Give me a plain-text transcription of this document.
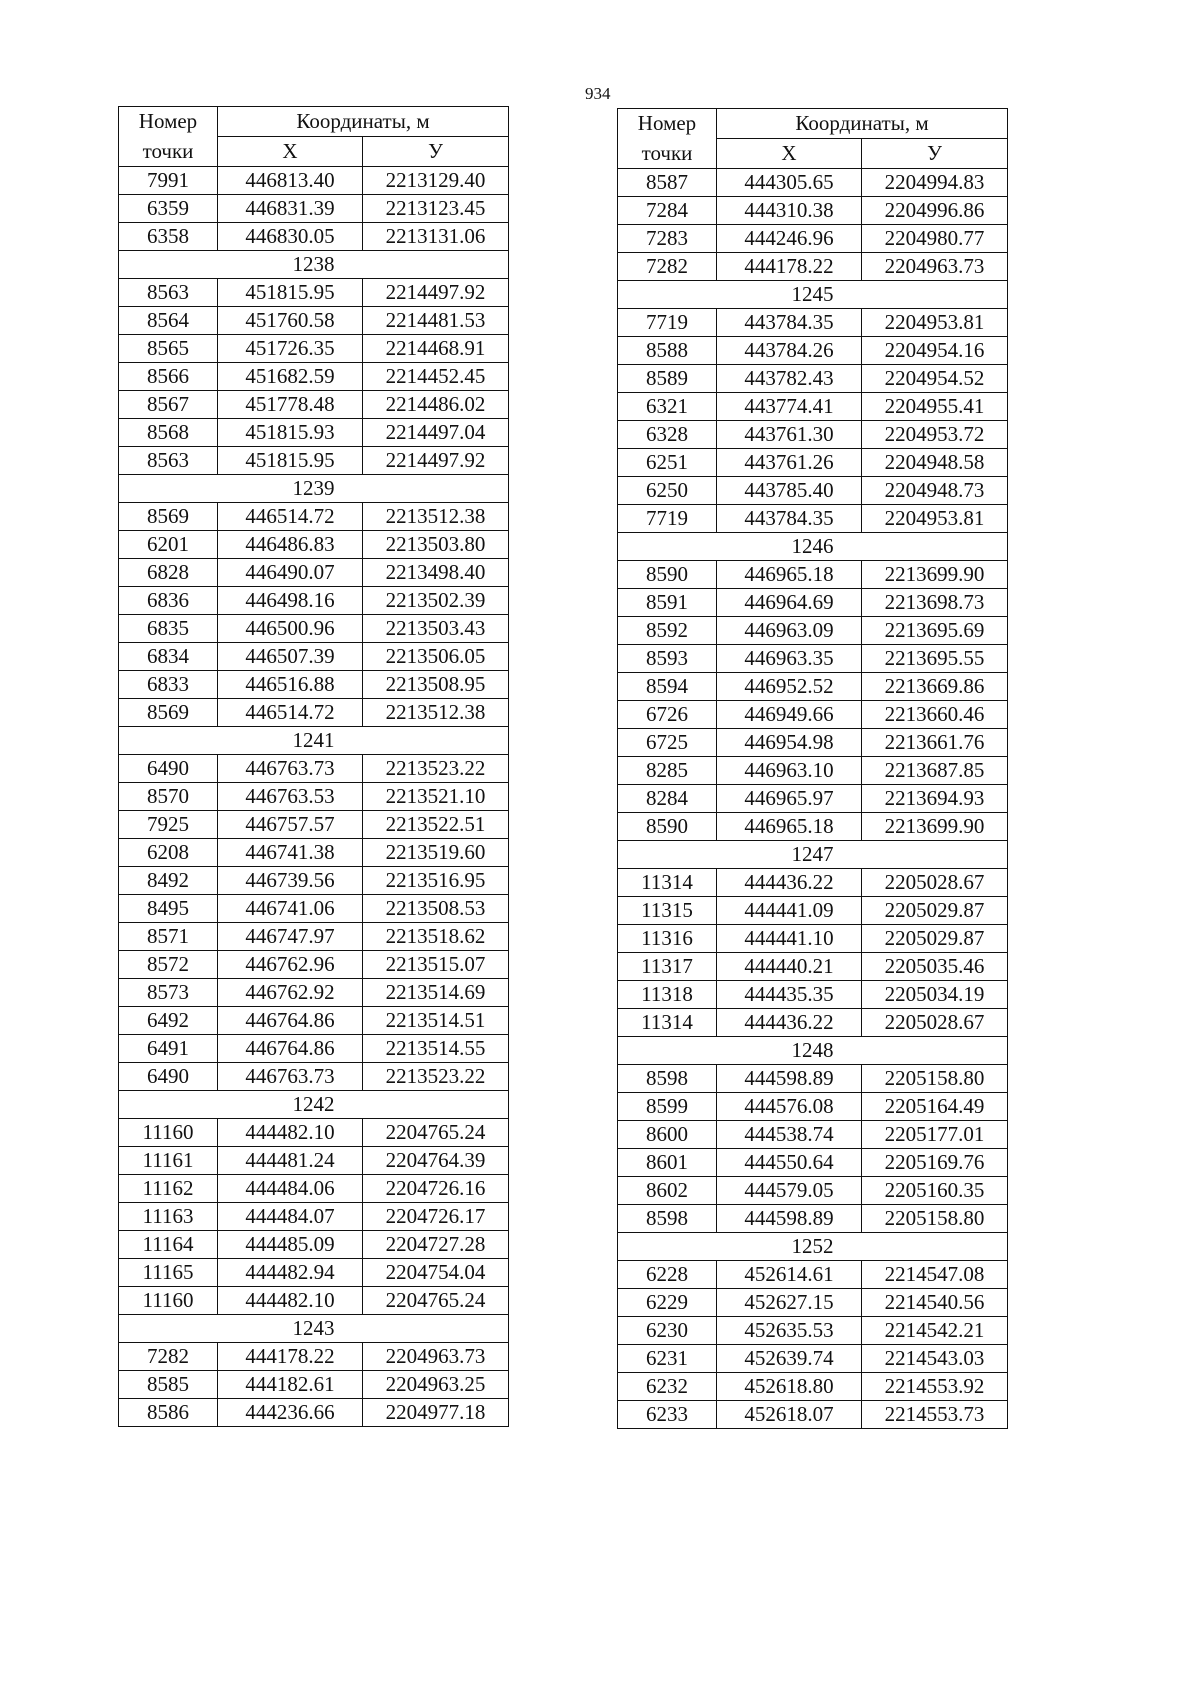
934
Номер	Координаты, м	
точки	X	У
7991	446813.40	2213129.40
6359	446831.39	2213123.45
6358	446830.05	2213131.06
1238		
8563	451815.95	2214497.92
8564	451760.58	2214481.53
8565	451726.35	2214468.91
8566	451682.59	2214452.45
8567	451778.48	2214486.02
8568	451815.93	2214497.04
8563	451815.95	2214497.92
1239		
8569	446514.72	2213512.38
6201	446486.83	2213503.80
6828	446490.07	2213498.40
6836	446498.16	2213502.39
6835	446500.96	2213503.43
6834	446507.39	2213506.05
6833	446516.88	2213508.95
8569	446514.72	2213512.38
1241		
6490	446763.73	2213523.22
8570	446763.53	2213521.10
7925	446757.57	2213522.51
6208	446741.38	2213519.60
8492	446739.56	2213516.95
8495	446741.06	2213508.53
8571	446747.97	2213518.62
8572	446762.96	2213515.07
8573	446762.92	2213514.69
6492	446764.86	2213514.51
6491	446764.86	2213514.55
6490	446763.73	2213523.22
1242		
11160	444482.10	2204765.24
11161	444481.24	2204764.39
11162	444484.06	2204726.16
11163	444484.07	2204726.17
11164	444485.09	2204727.28
11165	444482.94	2204754.04
11160	444482.10	2204765.24
1243		
7282	444178.22	2204963.73
8585	444182.61	2204963.25
8586	444236.66	2204977.18
Номер	Координаты, м	
точки	X	У
8587	444305.65	2204994.83
7284	444310.38	2204996.86
7283	444246.96	2204980.77
7282	444178.22	2204963.73
1245		
7719	443784.35	2204953.81
8588	443784.26	2204954.16
8589	443782.43	2204954.52
6321	443774.41	2204955.41
6328	443761.30	2204953.72
6251	443761.26	2204948.58
6250	443785.40	2204948.73
7719	443784.35	2204953.81
1246		
8590	446965.18	2213699.90
8591	446964.69	2213698.73
8592	446963.09	2213695.69
8593	446963.35	2213695.55
8594	446952.52	2213669.86
6726	446949.66	2213660.46
6725	446954.98	2213661.76
8285	446963.10	2213687.85
8284	446965.97	2213694.93
8590	446965.18	2213699.90
1247		
11314	444436.22	2205028.67
11315	444441.09	2205029.87
11316	444441.10	2205029.87
11317	444440.21	2205035.46
11318	444435.35	2205034.19
11314	444436.22	2205028.67
1248		
8598	444598.89	2205158.80
8599	444576.08	2205164.49
8600	444538.74	2205177.01
8601	444550.64	2205169.76
8602	444579.05	2205160.35
8598	444598.89	2205158.80
1252		
6228	452614.61	2214547.08
6229	452627.15	2214540.56
6230	452635.53	2214542.21
6231	452639.74	2214543.03
6232	452618.80	2214553.92
6233	452618.07	2214553.73
